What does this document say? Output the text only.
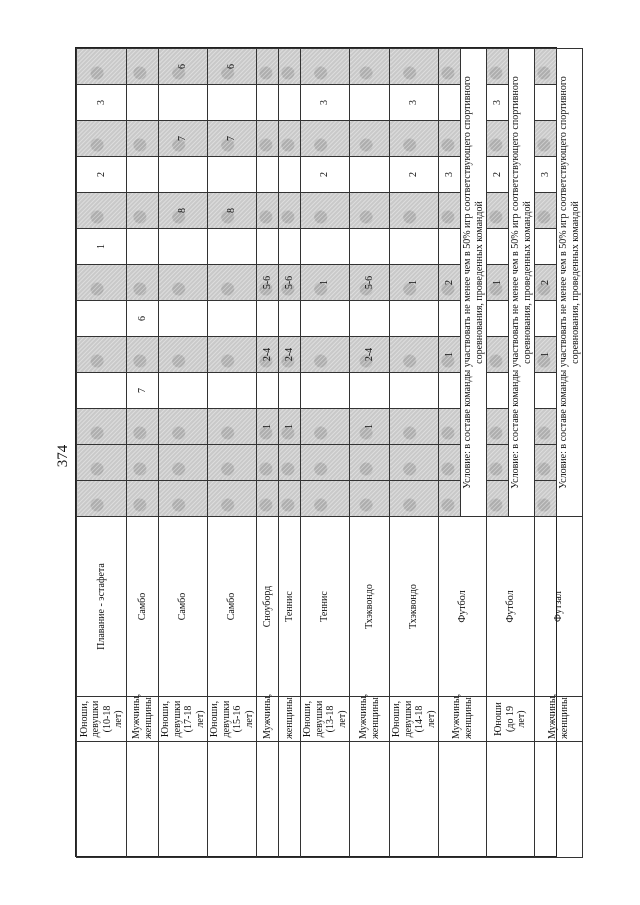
374
	Юноши, девушки (10-18 лет)	Плавание - эстафета								1		2		3	
	Мужчины, женщины	Самбо				7		6							
	Юноши, девушки (17-18 лет)	Самбо									8		7		6
	Юноши, девушки (15-16 лет)	Самбо									8		7		6
	Мужчины,	Сноуборд			1		2-4		5-6						
	женщины	Теннис			1		2-4		5-6						
	Юноши, девушки (13-18 лет)	Теннис							1			2		3	
	Мужчины, женщины	Тхэквондо			1		2-4		5-6						
	Юноши, девушки (14-18 лет)	Тхэквондо							1			2		3	
	Мужчины, женщины	Футбол					1		2			3			
			Условие: в составе команды участвовать не менее чем в 50% игр соответствующего спортивного соревнования, проведенных командой												
	Юноши (до 19 лет)	Футбол							1			2		3	
			Условие: в составе команды участвовать не менее чем в 50% игр соответствующего спортивного соревнования, проведенных командой												
	Мужчины, женщины	Футзал					1		2			3			
			Условие: в составе команды участвовать не менее чем в 50% игр соответствующего спортивного соревнования, проведенных командой												
